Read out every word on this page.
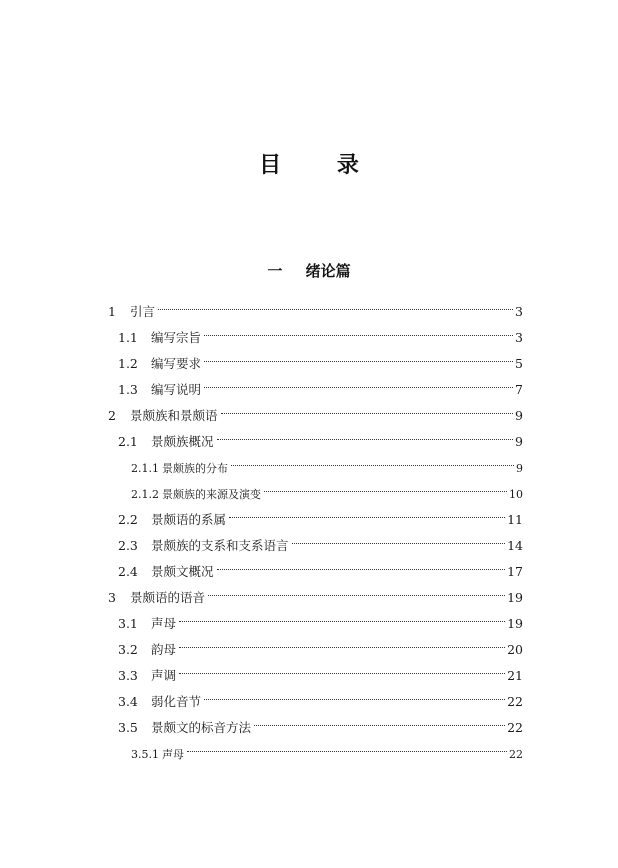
目	录
一 绪论篇
1	引言	3
1.1	编写宗旨	3
1.2	编写要求	5
1.3	编写说明	7
2	景颇族和景颇语	9
2.1	景颇族概况	9
2.1.1 景颇族的分布	9
2.1.2 景颇族的来源及演变	10
2.2	景颇语的系属	11
2.3	景颇族的支系和支系语言	14
2.4	景颇文概况	17
3	景颇语的语音	19
3.1	声母	19
3.2	韵母	20
3.3	声调	21
3.4	弱化音节	22
3.5	景颇文的标音方法	22
3.5.1 声母	22
